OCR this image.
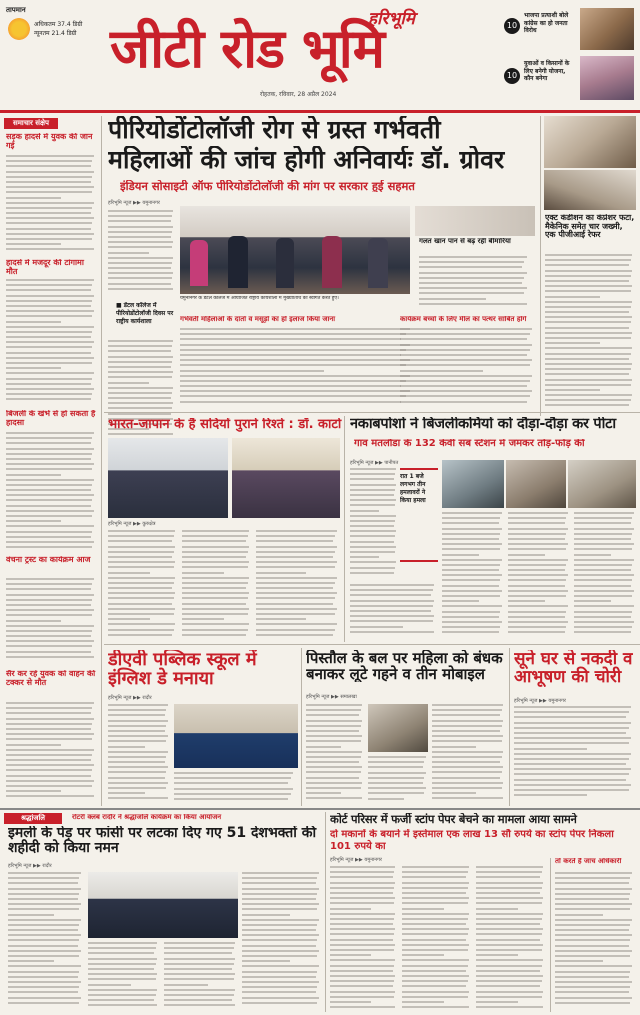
तापमान
अधिकतम 37.4 डिग्री
न्यूनतम 21.4 डिग्री
हरिभूमि
जीटी रोड भूमि
रोहतक, रविवार, 28 अप्रैल 2024
10
भाजपा प्रत्याशी बोले कांग्रेस का हो जनता विरोध
10
युवाओं व किसानों के लिए बनेगी योजना, कौन बनेगा
समाचार संक्षेप
सड़क हादसे में युवक की जान गई
हादसे में मजदूर की टांगामा मौत
बिजली के खंभे से हो सकता है हादसा
वंचना ट्रस्ट का कार्यक्रम आज
सैर कर रहे युवक को वाहन की टक्कर से मौत
पीरियोडोंटोलॉजी रोग से ग्रस्त गर्भवती
महिलाओं की जांच होगी अनिवार्यः डॉ. ग्रोवर
इंडियन सोसाइटी ऑफ पीरियोडोंटोलॉजी की मांग पर सरकार हुई सहमत
हरिभूमि न्यूज ▶▶ यमुनानगर
■ डेंटल कॉलेज में पीरियोडोंटोलॉजी दिवस पर राष्ट्रीय कार्यशाला
यमुनानगर के डेंटल कॉलेज में आयोजित राष्ट्रीय कार्यशाला में मुख्यातिथि का स्वागत करते हुए।
गर्भवती महिलाओं के दांतों व मसूड़ों का हो इलाज किया जाना	कार्यक्रम बच्चों के लिए मील का पत्थर साबित होंगे
गलत खान पान से बढ़ रही बीमारियां
एक्ट कंडीशन का कंप्रेशर फटा, मैकेनिक समेत चार जख्मी, एक पीजीआई रेफर
भारत-जापान के हैं सदियों पुराने रिश्ते : डॉ. काटो
हरिभूमि न्यूज ▶▶ कुरुक्षेत्र
नकाबपोशों ने बिजलीकर्मियों को दौड़ा-दौड़ा कर पीटा
गांव मतलौडा के 132 केवी सब स्टेशन में जमकर तोड़-फोड़ की
हरिभूमि न्यूज ▶▶ पानीपत
रात 1 बजे लगभग तीन हमलावरों ने किया हमला
डीएवी पब्लिक स्कूल में इंग्लिश डे मनाया
हरिभूमि न्यूज ▶▶ रादौर
पिस्तौल के बल पर महिला को बंधक बनाकर लूटे गहने व तीन मोबाइल
हरिभूमि न्यूज ▶▶ समालखा
सूने घर से नकदी व आभूषण की चोरी
हरिभूमि न्यूज ▶▶ यमुनानगर
श्रद्धांजलि	रोटरी क्लब रादौर ने श्रद्धांजलि कार्यक्रम का किया आयोजन
इमली के पेड़ पर फांसी पर लटका दिए गए 51 देशभक्तों की शहीदी को किया नमन
हरिभूमि न्यूज ▶▶ रादौर
कोर्ट परिसर में फर्जी स्टांप पेपर बेचने का मामला आया सामने
दो मकानों के बयाने में इस्तेमाल एक लाख 13 सौ रुपये का स्टांप पेपर निकला 101 रुपये का
हरिभूमि न्यूज ▶▶ यमुनानगर	तो करते हैं जांच अधिकारी
